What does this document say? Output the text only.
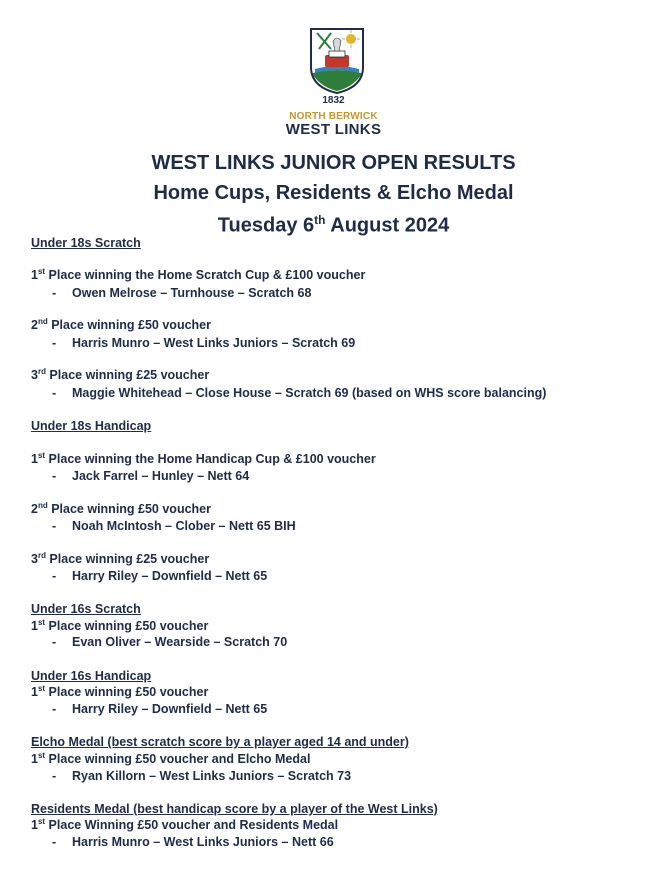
1832
NORTH BERWICK
WEST LINKS
WEST LINKS JUNIOR OPEN RESULTS
Home Cups, Residents & Elcho Medal
Tuesday 6th August 2024
Under 18s Scratch
1st Place winning the Home Scratch Cup & £100 voucher
- Owen Melrose – Turnhouse – Scratch 68
2nd Place winning £50 voucher
- Harris Munro – West Links Juniors – Scratch 69
3rd Place winning £25 voucher
- Maggie Whitehead – Close House – Scratch 69 (based on WHS score balancing)
Under 18s Handicap
1st Place winning the Home Handicap Cup & £100 voucher
- Jack Farrel – Hunley – Nett 64
2nd Place winning £50 voucher
- Noah McIntosh – Clober – Nett 65 BIH
3rd Place winning £25 voucher
- Harry Riley – Downfield – Nett 65
Under 16s Scratch
1st Place winning £50 voucher
- Evan Oliver – Wearside – Scratch 70
Under 16s Handicap
1st Place winning £50 voucher
- Harry Riley – Downfield – Nett 65
Elcho Medal (best scratch score by a player aged 14 and under)
1st Place winning £50 voucher and Elcho Medal
- Ryan Killorn – West Links Juniors – Scratch 73
Residents Medal (best handicap score by a player of the West Links)
1st Place Winning £50 voucher and Residents Medal
- Harris Munro – West Links Juniors – Nett 66
